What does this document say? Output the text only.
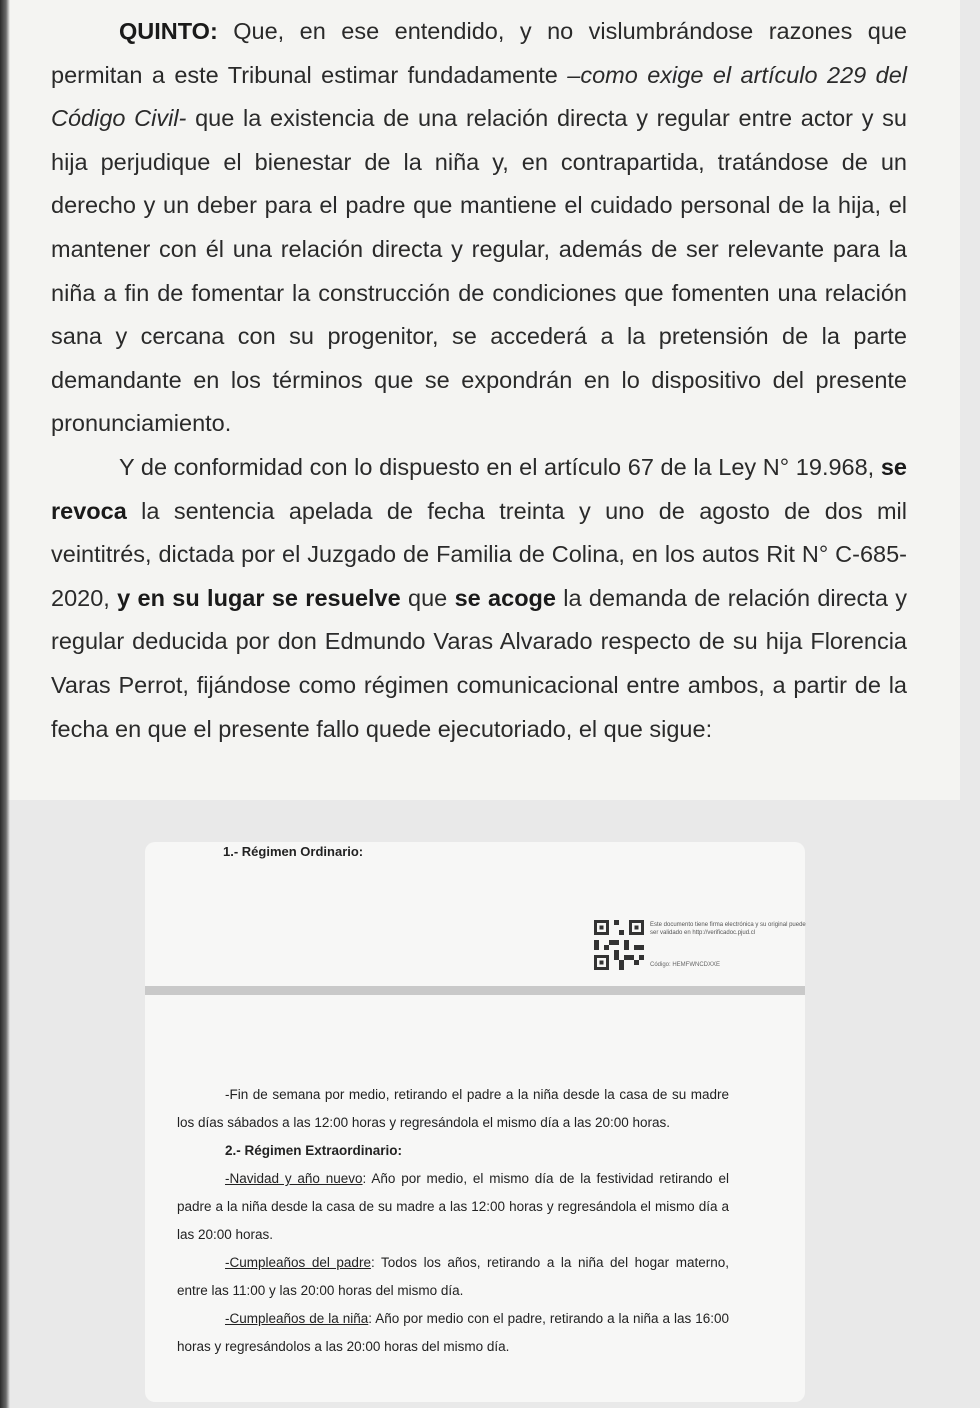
QUINTO: Que, en ese entendido, y no vislumbrándose razones que permitan a este Tribunal estimar fundadamente –como exige el artículo 229 del Código Civil- que la existencia de una relación directa y regular entre actor y su hija perjudique el bienestar de la niña y, en contrapartida, tratándose de un derecho y un deber para el padre que mantiene el cuidado personal de la hija, el mantener con él una relación directa y regular, además de ser relevante para la niña a fin de fomentar la construcción de condiciones que fomenten una relación sana y cercana con su progenitor, se accederá a la pretensión de la parte demandante en los términos que se expondrán en lo dispositivo del presente pronunciamiento.

Y de conformidad con lo dispuesto en el artículo 67 de la Ley N° 19.968, se revoca la sentencia apelada de fecha treinta y uno de agosto de dos mil veintitrés, dictada por el Juzgado de Familia de Colina, en los autos Rit N° C-685-2020, y en su lugar se resuelve que se acoge la demanda de relación directa y regular deducida por don Edmundo Varas Alvarado respecto de su hija Florencia Varas Perrot, fijándose como régimen comunicacional entre ambos, a partir de la fecha en que el presente fallo quede ejecutoriado, el que sigue:

1.- Régimen Ordinario:
Este documento tiene firma electrónica y su original puede ser validado en http://verificadoc.pjud.cl
Código: HEMFWNCDXXE

-Fin de semana por medio, retirando el padre a la niña desde la casa de su madre los días sábados a las 12:00 horas y regresándola el mismo día a las 20:00 horas.

2.- Régimen Extraordinario:

-Navidad y año nuevo: Año por medio, el mismo día de la festividad retirando el padre a la niña desde la casa de su madre a las 12:00 horas y regresándola el mismo día a las 20:00 horas.

-Cumpleaños del padre: Todos los años, retirando a la niña del hogar materno, entre las 11:00 y las 20:00 horas del mismo día.

-Cumpleaños de la niña: Año por medio con el padre, retirando a la niña a las 16:00 horas y regresándolos a las 20:00 horas del mismo día.
